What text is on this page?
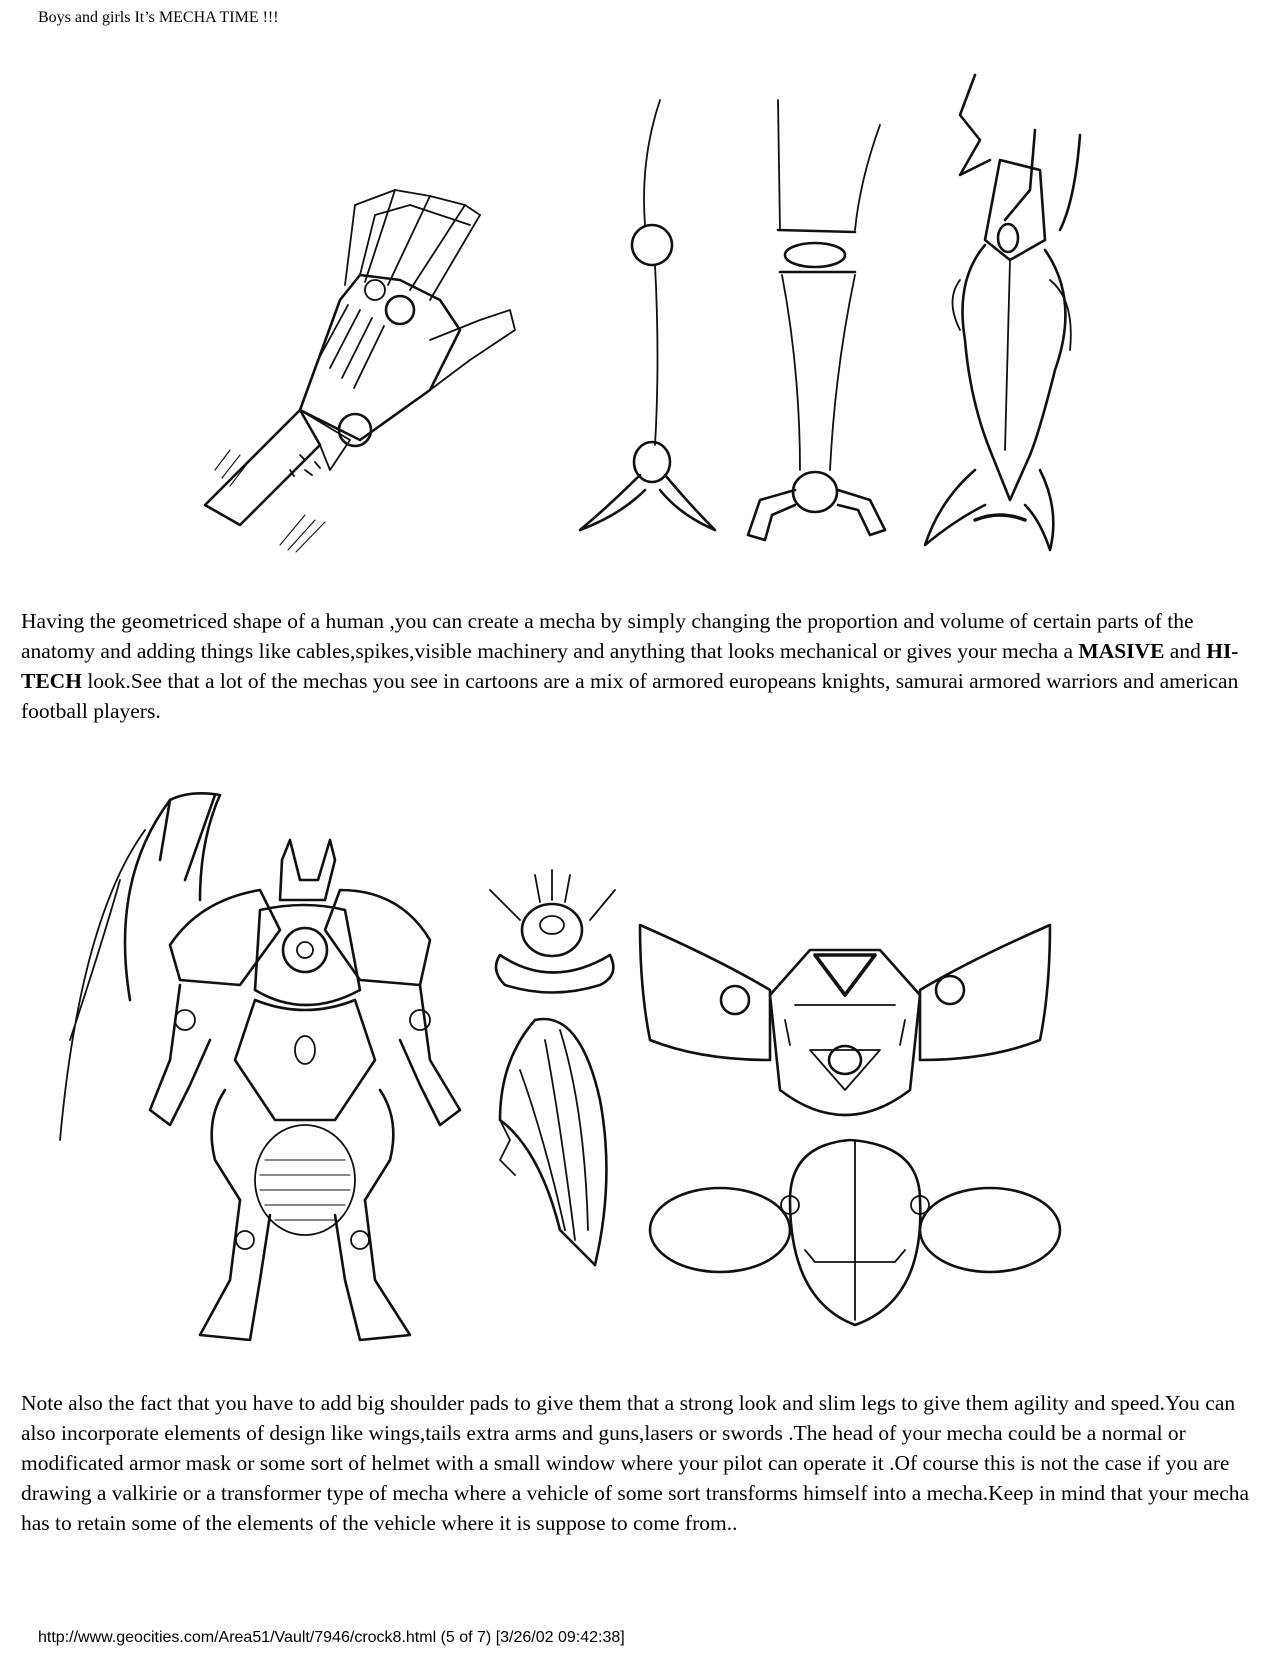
Boys and girls It’s MECHA TIME !!!

Having the geometriced shape of a human ,you can create a mecha by simply changing the proportion and volume of certain parts of the anatomy and adding things like cables,spikes,visible machinery and anything that looks mechanical or gives your mecha a MASIVE and HI-TECH look.See that a lot of the mechas you see in cartoons are a mix of armored europeans knights, samurai armored warriors and american football players.

Note also the fact that you have to add big shoulder pads to give them that a strong look and slim legs to give them agility and speed.You can also incorporate elements of design like wings,tails extra arms and guns,lasers or swords .The head of your mecha could be a normal or modificated armor mask or some sort of helmet with a small window where your pilot can operate it .Of course this is not the case if you are drawing a valkirie or a transformer type of mecha where a vehicle of some sort transforms himself into a mecha.Keep in mind that your mecha has to retain some of the elements of the vehicle where it is suppose to come from..

http://www.geocities.com/Area51/Vault/7946/crock8.html (5 of 7) [3/26/02 09:42:38]
